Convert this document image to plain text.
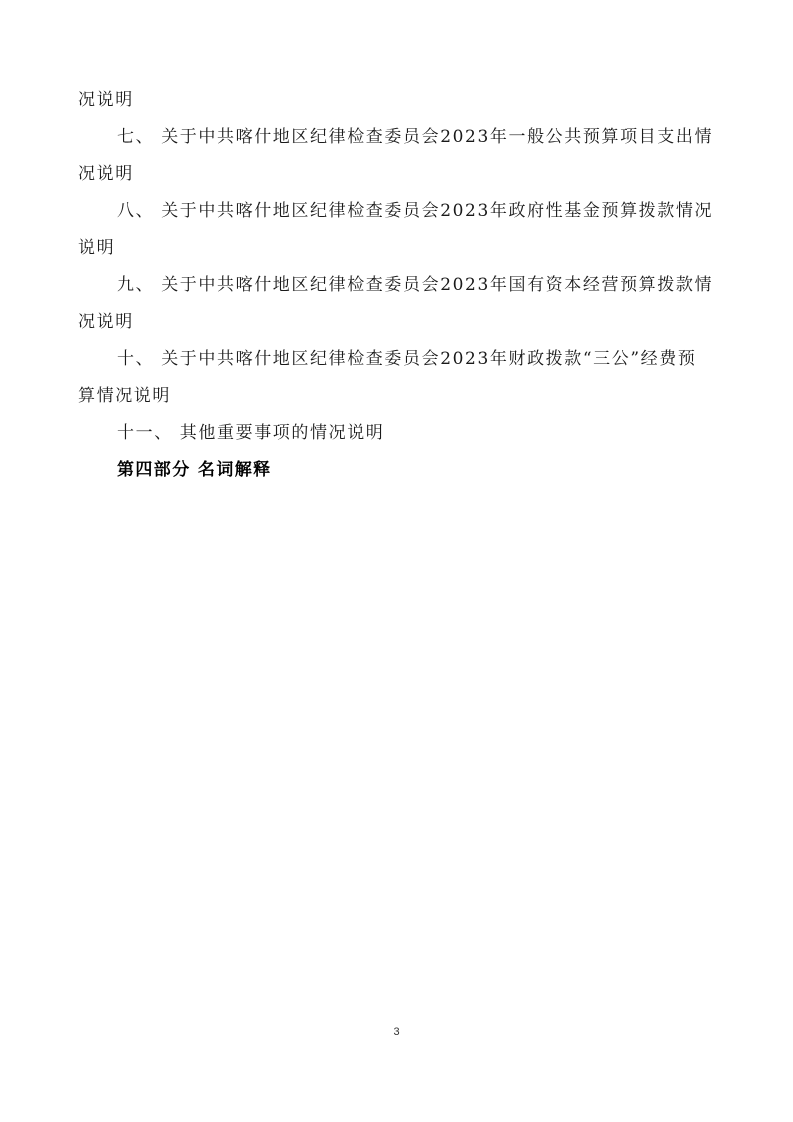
况说明
七、 关于中共喀什地区纪律检查委员会2023年一般公共预算项目支出情
况说明
八、 关于中共喀什地区纪律检查委员会2023年政府性基金预算拨款情况
说明
九、 关于中共喀什地区纪律检查委员会2023年国有资本经营预算拨款情
况说明
十、 关于中共喀什地区纪律检查委员会2023年财政拨款“三公”经费预
算情况说明
十一、 其他重要事项的情况说明
第四部分 名词解释
3
